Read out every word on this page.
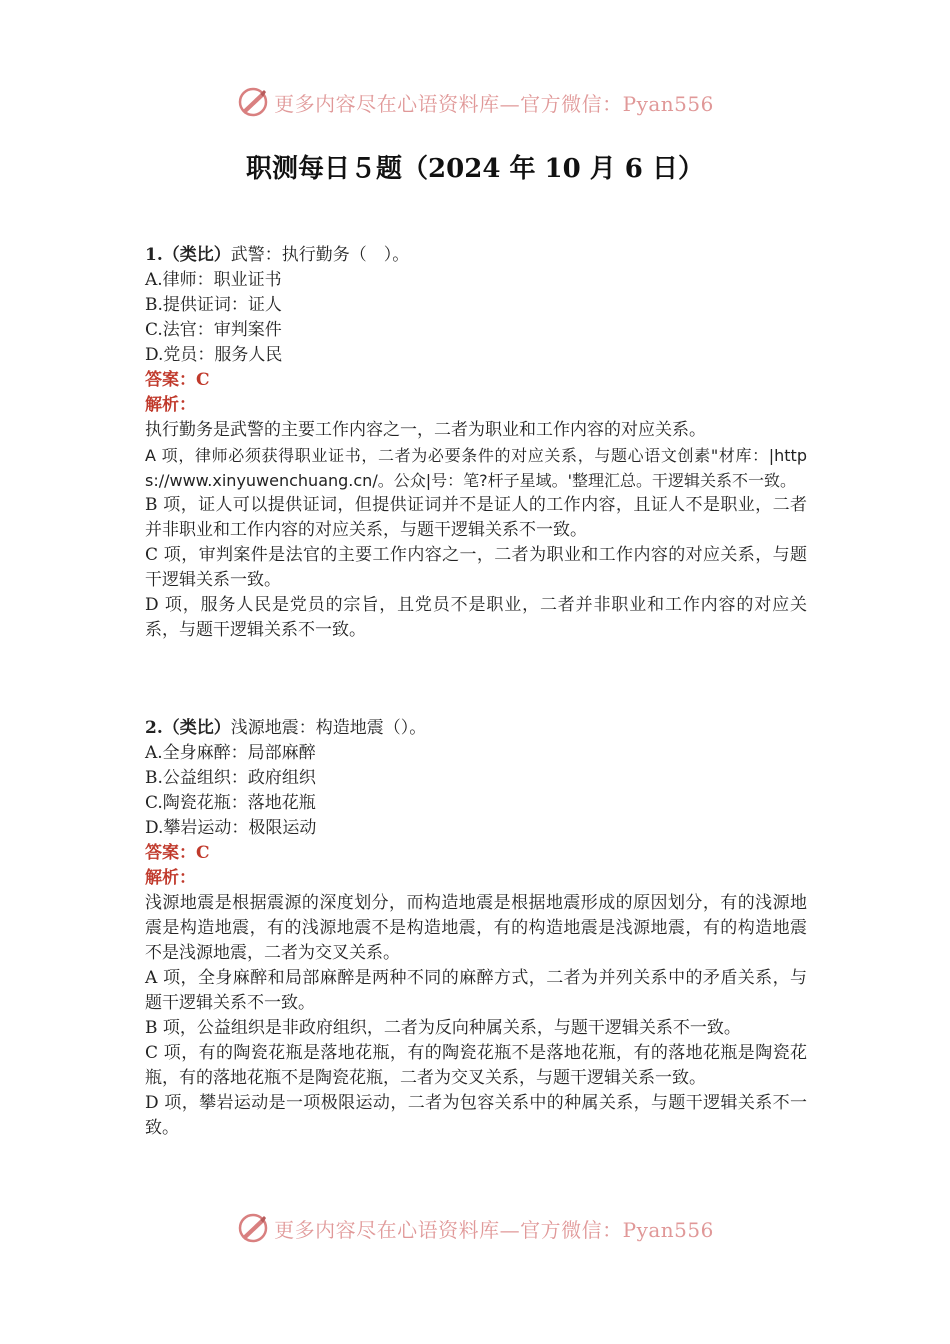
更多内容尽在心语资料库—官方微信：Pyan556
职测每日５题（2024 年 10 月 6 日）
1.（类比）武警：执行勤务（　）。
A.律师：职业证书
B.提供证词：证人
C.法官：审判案件
D.党员：服务人民
答案：C
解析：
执行勤务是武警的主要工作内容之一，二者为职业和工作内容的对应关系。
A 项，律师必须获得职业证书，二者为必要条件的对应关系，与题心语文创素"材库：|https://www.xinyuwenchuang.cn/。公众|号：笔?杆子星域。'整理汇总。干逻辑关系不一致。
B 项，证人可以提供证词，但提供证词并不是证人的工作内容，且证人不是职业，二者并非职业和工作内容的对应关系，与题干逻辑关系不一致。
C 项，审判案件是法官的主要工作内容之一，二者为职业和工作内容的对应关系，与题干逻辑关系一致。
D 项，服务人民是党员的宗旨，且党员不是职业，二者并非职业和工作内容的对应关系，与题干逻辑关系不一致。
2.（类比）浅源地震：构造地震（）。
A.全身麻醉：局部麻醉
B.公益组织：政府组织
C.陶瓷花瓶：落地花瓶
D.攀岩运动：极限运动
答案：C
解析：
浅源地震是根据震源的深度划分，而构造地震是根据地震形成的原因划分，有的浅源地震是构造地震，有的浅源地震不是构造地震，有的构造地震是浅源地震，有的构造地震不是浅源地震，二者为交叉关系。
A 项，全身麻醉和局部麻醉是两种不同的麻醉方式，二者为并列关系中的矛盾关系，与题干逻辑关系不一致。
B 项，公益组织是非政府组织，二者为反向种属关系，与题干逻辑关系不一致。
C 项，有的陶瓷花瓶是落地花瓶，有的陶瓷花瓶不是落地花瓶，有的落地花瓶是陶瓷花瓶，有的落地花瓶不是陶瓷花瓶，二者为交叉关系，与题干逻辑关系一致。
D 项，攀岩运动是一项极限运动，二者为包容关系中的种属关系，与题干逻辑关系不一致。
更多内容尽在心语资料库—官方微信：Pyan556
